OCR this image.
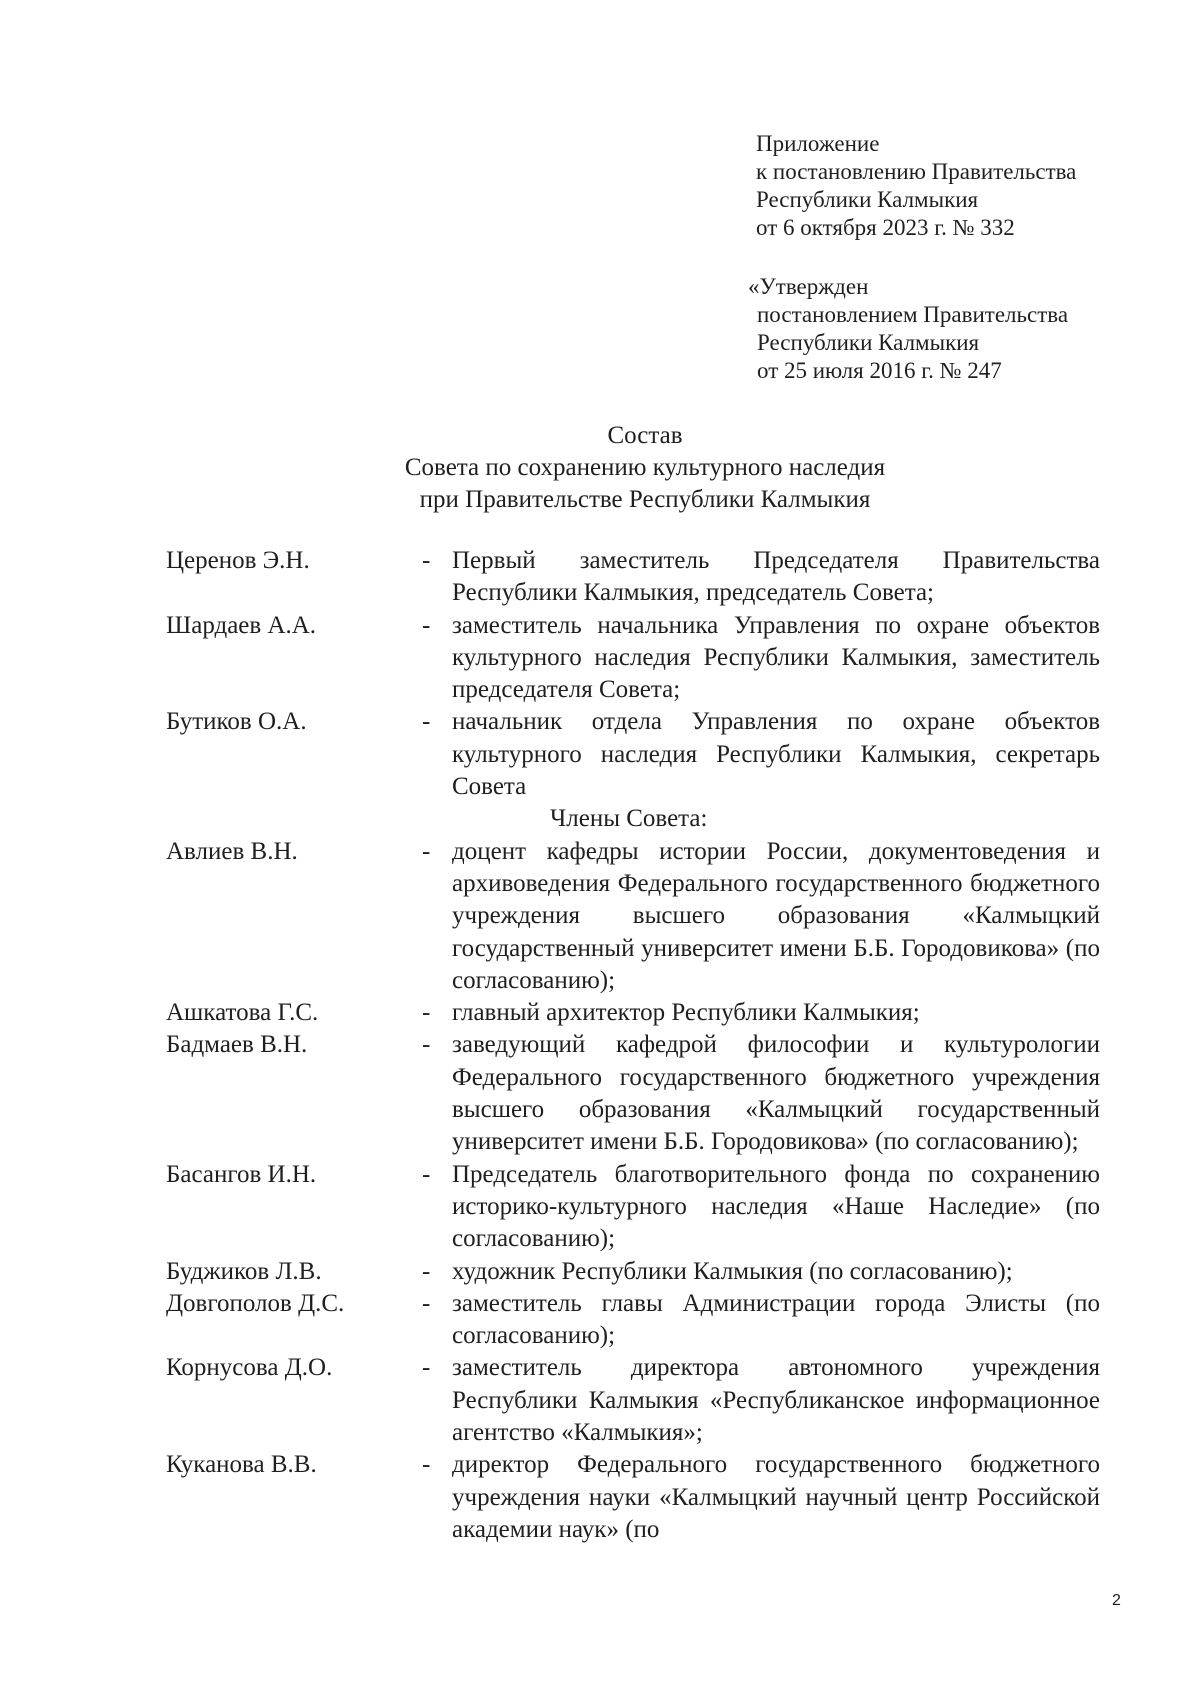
Приложение
к постановлению Правительства
Республики Калмыкия
от 6 октября 2023 г. № 332
«Утвержден
постановлением Правительства
Республики Калмыкия
от 25 июля 2016 г. № 247
Состав
Совета по сохранению культурного наследия
при Правительстве Республики Калмыкия
Церенов Э.Н.	- Первый заместитель Председателя Правительства Республики Калмыкия, председатель Совета;
Шардаев А.А.	- заместитель начальника Управления по охране объектов культурного наследия Республики Калмыкия, заместитель председателя Совета;
Бутиков О.А.	- начальник отдела Управления по охране объектов культурного наследия Республики Калмыкия, секретарь Совета
Члены Совета:
Авлиев В.Н.	- доцент кафедры истории России, документоведения и архивоведения Федерального государственного бюджетного учреждения высшего образования «Калмыцкий государственный университет имени Б.Б. Городовикова» (по согласованию);
Ашкатова Г.С.	- главный архитектор Республики Калмыкия;
Бадмаев В.Н.	- заведующий кафедрой философии и культурологии Федерального государственного бюджетного учреждения высшего образования «Калмыцкий государственный университет имени Б.Б. Городовикова» (по согласованию);
Басангов И.Н.	- Председатель благотворительного фонда по сохранению историко-культурного наследия «Наше Наследие» (по согласованию);
Буджиков Л.В.	- художник Республики Калмыкия (по согласованию);
Довгополов Д.С.	- заместитель главы Администрации города Элисты (по согласованию);
Корнусова Д.О.	- заместитель директора автономного учреждения Республики Калмыкия «Республиканское информационное агентство «Калмыкия»;
Куканова В.В.	- директор Федерального государственного бюджетного учреждения науки «Калмыцкий научный центр Российской академии наук» (по
2
